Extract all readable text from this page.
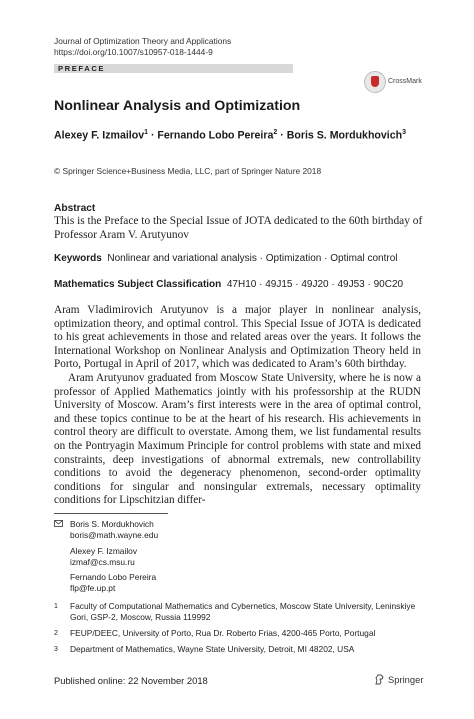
Journal of Optimization Theory and Applications
https://doi.org/10.1007/s10957-018-1444-9
PREFACE
CrossMark
Nonlinear Analysis and Optimization
Alexey F. Izmailov$^1$ · Fernando Lobo Pereira$^2$ · Boris S. Mordukhovich$^3$
© Springer Science+Business Media, LLC, part of Springer Nature 2018
Abstract
This is the Preface to the Special Issue of JOTA dedicated to the 60th birthday of Professor Aram V. Arutyunov
Keywords Nonlinear and variational analysis · Optimization · Optimal control
Mathematics Subject Classification 47H10 · 49J15 · 49J20 · 49J53 · 90C20

Aram Vladimirovich Arutyunov is a major player in nonlinear analysis, optimization theory, and optimal control. This Special Issue of JOTA is dedicated to his great achievements in those and related areas over the years. It follows the International Workshop on Nonlinear Analysis and Optimization Theory held in Porto, Portugal in April of 2017, which was dedicated to Aram’s 60th birthday.

Aram Arutyunov graduated from Moscow State University, where he is now a professor of Applied Mathematics jointly with his professorship at the RUDN University of Moscow. Aram’s first interests were in the area of optimal control, and these topics continue to be at the heart of his research. His achievements in control theory are difficult to overstate. Among them, we list fundamental results on the Pontryagin Maximum Principle for control problems with state and mixed constraints, deep investigations of abnormal extremals, new controllability conditions to avoid the degeneracy phenomenon, second-order optimality conditions for singular and nonsingular extremals, necessary optimality conditions for Lipschitzian differ-

Boris S. Mordukhovich
boris@math.wayne.edu
Alexey F. Izmailov
izmaf@cs.msu.ru
Fernando Lobo Pereira
flp@fe.up.pt
1 Faculty of Computational Mathematics and Cybernetics, Moscow State University, Leninskiye Gori, GSP-2, Moscow, Russia 119992
2 FEUP/DEEC, University of Porto, Rua Dr. Roberto Frias, 4200-465 Porto, Portugal
3 Department of Mathematics, Wayne State University, Detroit, MI 48202, USA
Published online: 22 November 2018	Springer
